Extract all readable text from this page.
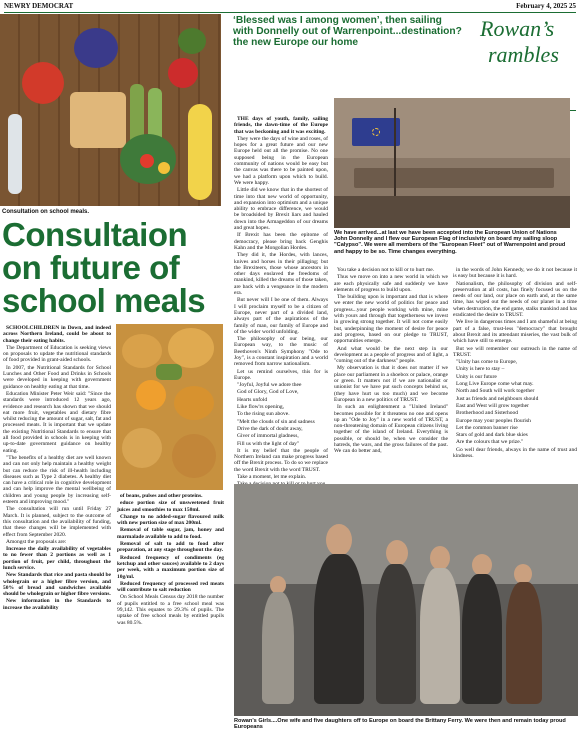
NEWRY DEMOCRAT	February 4, 2025 25
Consultation on school meals.
Consultaion on future of school meals

SCHOOLCHILDREN in Down, and indeed across Northern Ireland, could be about to change their eating habits.

The Department of Education is seeking views on proposals to update the nutritional standards of food provided in grant-aided schools.

In 2007, the Nutritional Standards for School Lunches and Other Food and Drinks in Schools were developed in keeping with government guidance on healthy eating at that time.

Education Minister Peter Weir said: "Since the standards were introduced 12 years ago, evidence and research has shown that we should eat more fruit, vegetables and dietary fibre whilst reducing the amount of sugar, salt, fat and processed meats. It is important that we update the existing Nutritional Standards to ensure that all food provided in schools is in keeping with up-to-date government guidance on healthy eating.

"The benefits of a healthy diet are well known and can not only help maintain a healthy weight but can reduce the risk of ill-health including diseases such as Type 2 diabetes. A healthy diet can have a critical role in cognitive development and can help improve the mental wellbeing of children and young people by increasing self-esteem and improving mood."

The consultation will run until Friday 27 March. It is planned, subject to the outcome of this consultation and the availability of funding, that these changes will be implemented with effect from September 2020.

Amongst the proposals are:

Increase the daily availability of vegetables to no fewer than 2 portions as well as 1 portion of fruit, per child, throughout the lunch service.

New Standards that rice and pasta should be wholegrain or a higher fibre version, and 50% of bread and sandwiches available should be wholegrain or higher fibre versions.

New information in the Standards to increase the availability

of beans, pulses and other proteins.

educe portion size of unsweetened fruit juices and smoothies to max 150ml.

Change to no added-sugar flavoured milk with new portion size of max 200ml.

Removal of table sugar, jam, honey and marmalade available to add to food.

Removal of salt to add to food after preparation, at any stage throughout the day.

Reduced frequency of condiments (eg ketchup and other sauces) available to 2 days per week, with a maximum portion size of 10g/ml.

Reduced frequency of processed red meats will contribute to salt reduction

On School Meals Census day 2018 the number of pupils entitled to a free school meal was 99,142. This equates to 29.3% of pupils. The uptake of free school meals by entitled pupils was 80.5%.

‘Blessed was I among women’, then sailing with Donnelly out of Warrenpoint...destination? the new Europe our home
Rowan’s
rambles

THE days of youth, family, sailing friends, the dawn-time of the Europe that was beckoning and it was exciting.

They were the days of wine and roses, of hopes for a great future and our new Europe held out all the promise. No one supposed being in the European community of nations would be easy but the canvas was there to be painted upon, we had a platform upon which to build. We were happy.

Little did we know that in the shortest of time into that new world of opportunity, and expansion into optimism and a unique ability to embrace difference, we would be broadsided by Brexit liars and hauled down into the Armageddon of our dreams and great hopes.

If Brexit has been the epitome of democracy, please bring back Genghis Kahn and the Mongolian Hordes.

They did it, the Hordes, with lances, knives and horses in their pillaging; but the Brexiteers, those whose ancestors in other days enslaved the freedoms of mankind, killed the dreams of those taken, are back with a vengeance in the modern era.

But never will I be one of them. Always I will proclaim myself to be a citizen of Europe, never part of a divided land, always part of the aspirations of the family of man, our family of Europe and of the wider world unfolding.

The philosophy of our being, our European way, to the music of Beethoven's Ninth Symphony "Ode to Joy", is a constant inspiration and a world removed from narrow nationalism.

Let us remind ourselves, this for is Europe.

"Joyful, Joyful we adore thee

God of Glory, God of Love,

Hearts unfold

Like flow'rs opening,

To the rising sun above.

"Melt the clouds of sin and sadness

Drive the dark of doubt away,

Giver of immortal gladness,

Fill us with the light of day"

It is my belief that the people of Northern Ireland can make progress based off the Brexit process. To do so we replace the word Brexit with the word TRUST.

Take a moment, let me explain.

We have arrived...at last we have been accepted into the European Union of Nations John Donnelly and I flew our European Flag of inclusivity on board my sailing sloop "Calypso". We were all members of the "European Fleet" out of Warrenpoint and proud and happy to be so. Time changes everything.

You take a decision not to kill or to hurt me.

Thus we move on into a new world in which we are each physically safe and suddenly we have elements of progress to build upon.

The building upon is important and that is where we enter the new world of politics for peace and progress...your people working with mine, mine with yours and through that togetherness we invest in growing strong together. It will not come easily but, underpinning the moment of desire for peace and progress, based on our pledge to TRUST, opportunities emerge.

And what would be the next step in our development as a people of progress and of light, a "coming out of the darkness" people.

My observation is that it does not matter if we place our parliament in a shoebox or palace, orange or green. It matters not if we are nationalist or unionist for we have put such concepts behind us, (they have hurt us too much) and we become European in a new politics of TRUST.

In such an enlightenment a "United Ireland" becomes possible for it threatens no one and opens up an "Ode to Joy" in a new world of TRUST, a non-threatening domain of European citizens living together of the island of Ireland. Everything is possible, or should be, when we consider the hatreds, the wars, and the gross failures of the past. We can do better and,

in the words of John Kennedy, we do it not because it is easy but because it is hard.

Nationalism, the philosophy of division and self-preservation at all costs, has finely focused us on the needs of our land, our place on earth and, at the same time, has wiped out the needs of our planet in a time when destruction, the end game, stalks mankind and has eradicated the desire to TRUST.

We live in dangerous times and I am shameful at being part of a false, trust-less "democracy" that brought about Brexit and its attendant miseries, the vast bulk of which have still to emerge.

But we will remember our outreach in the name of TRUST.

"Unity has come to Europe,

Unity is here to stay –

Unity is our future

Long Live Europe come what may.

North and South will work together

Just as friends and neighbours should

East and West will grow together

Brotherhood and Sisterhood

Europe may your peoples flourish

Let the common banner rise

Stars of gold and dark blue skies

Are the colours that we prize."

Go well dear friends, always in the name of trust and kindness.

Rowan's Girls....One wife and five daughters off to Europe on board the Brittany Ferry. We were then and remain today proud Europeans
